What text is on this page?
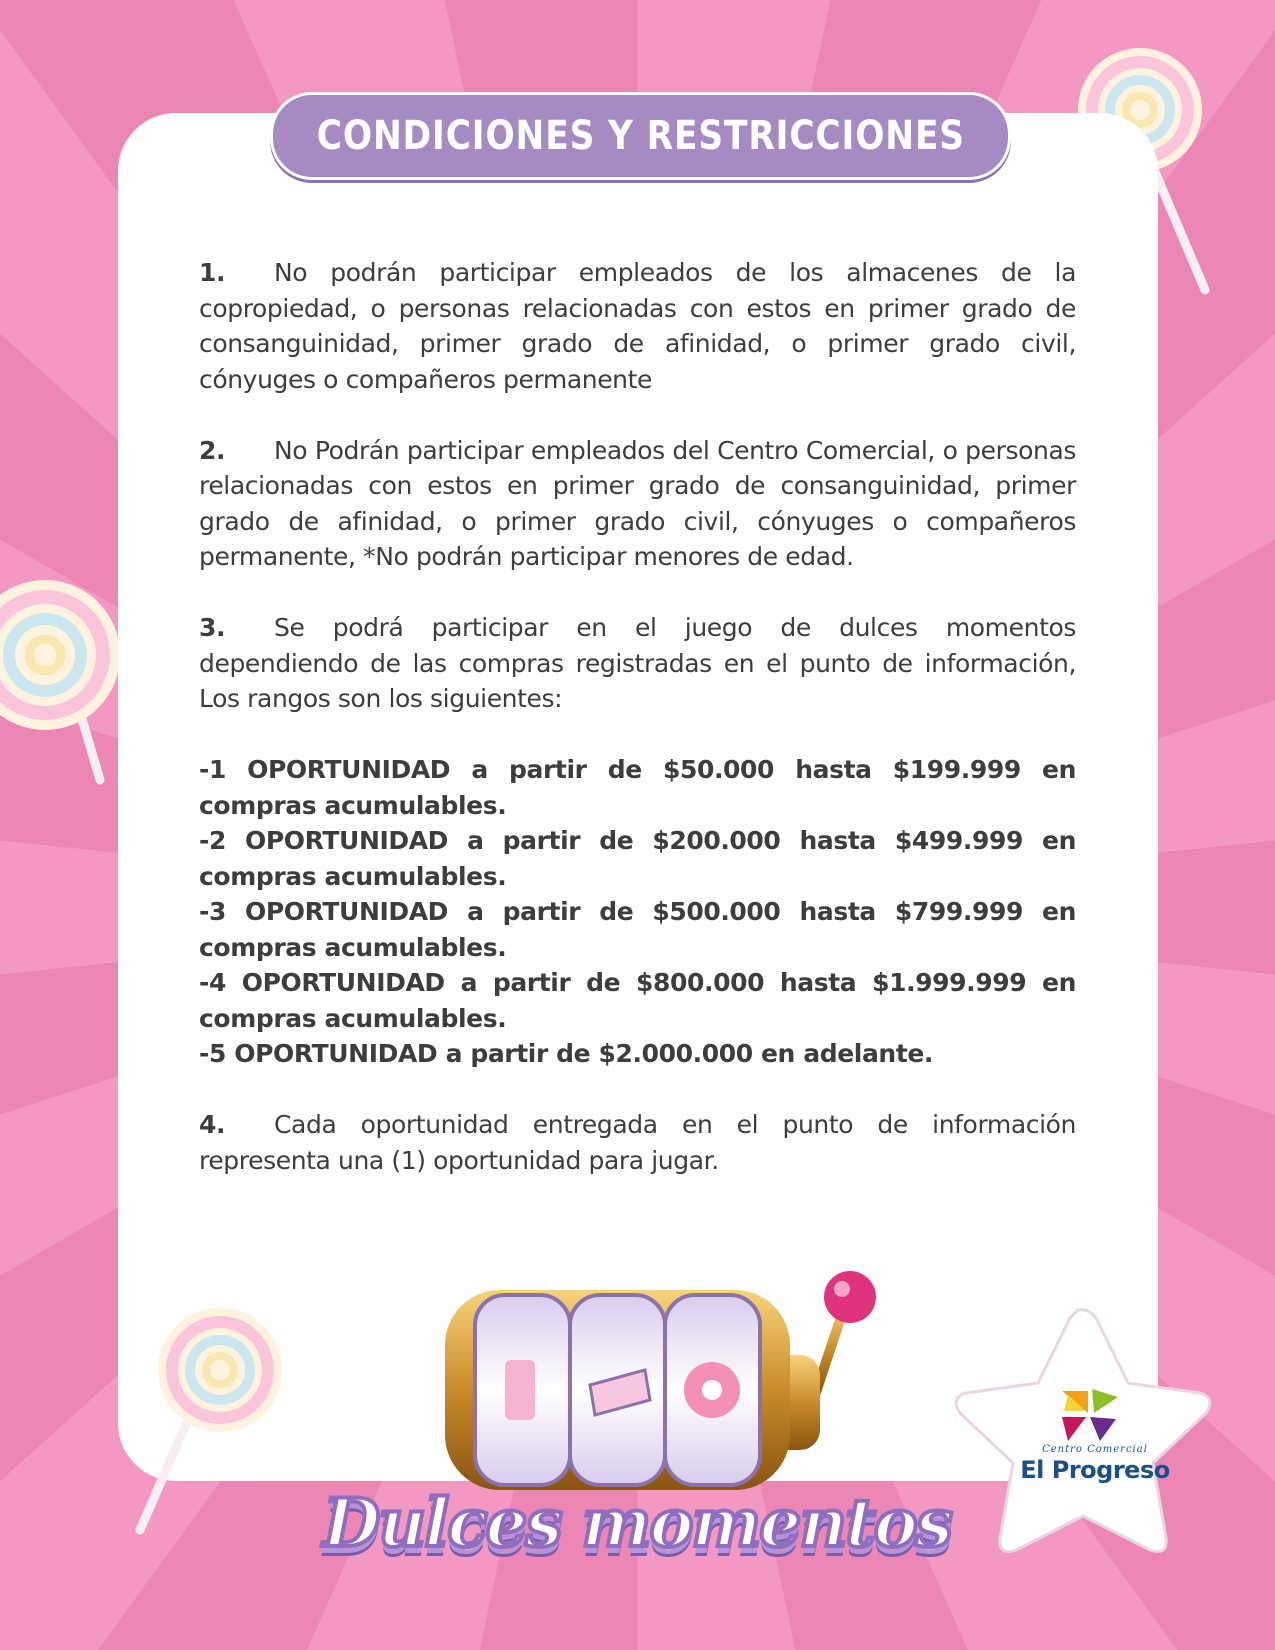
CONDICIONES Y RESTRICCIONES

1. No podrán participar empleados de los almacenes de la copropiedad, o personas relacionadas con estos en primer grado de consanguinidad, primer grado de afinidad, o primer grado civil, cónyuges o compañeros permanente

2. No Podrán participar empleados del Centro Comercial, o personas relacionadas con estos en primer grado de consanguinidad, primer grado de afinidad, o primer grado civil, cónyuges o compañeros permanente, *No podrán participar menores de edad.

3. Se podrá participar en el juego de dulces momentos dependiendo de las compras registradas en el punto de información, Los rangos son los siguientes:

-1 OPORTUNIDAD a partir de $50.000 hasta $199.999 en compras acumulables.
-2 OPORTUNIDAD a partir de $200.000 hasta $499.999 en compras acumulables.
-3 OPORTUNIDAD a partir de $500.000 hasta $799.999 en compras acumulables.
-4 OPORTUNIDAD a partir de $800.000 hasta $1.999.999 en compras acumulables.
-5 OPORTUNIDAD a partir de $2.000.000 en adelante.

4. Cada oportunidad entregada en el punto de información representa una (1) oportunidad para jugar.

Dulces momentos
Centro Comercial
El Progreso
